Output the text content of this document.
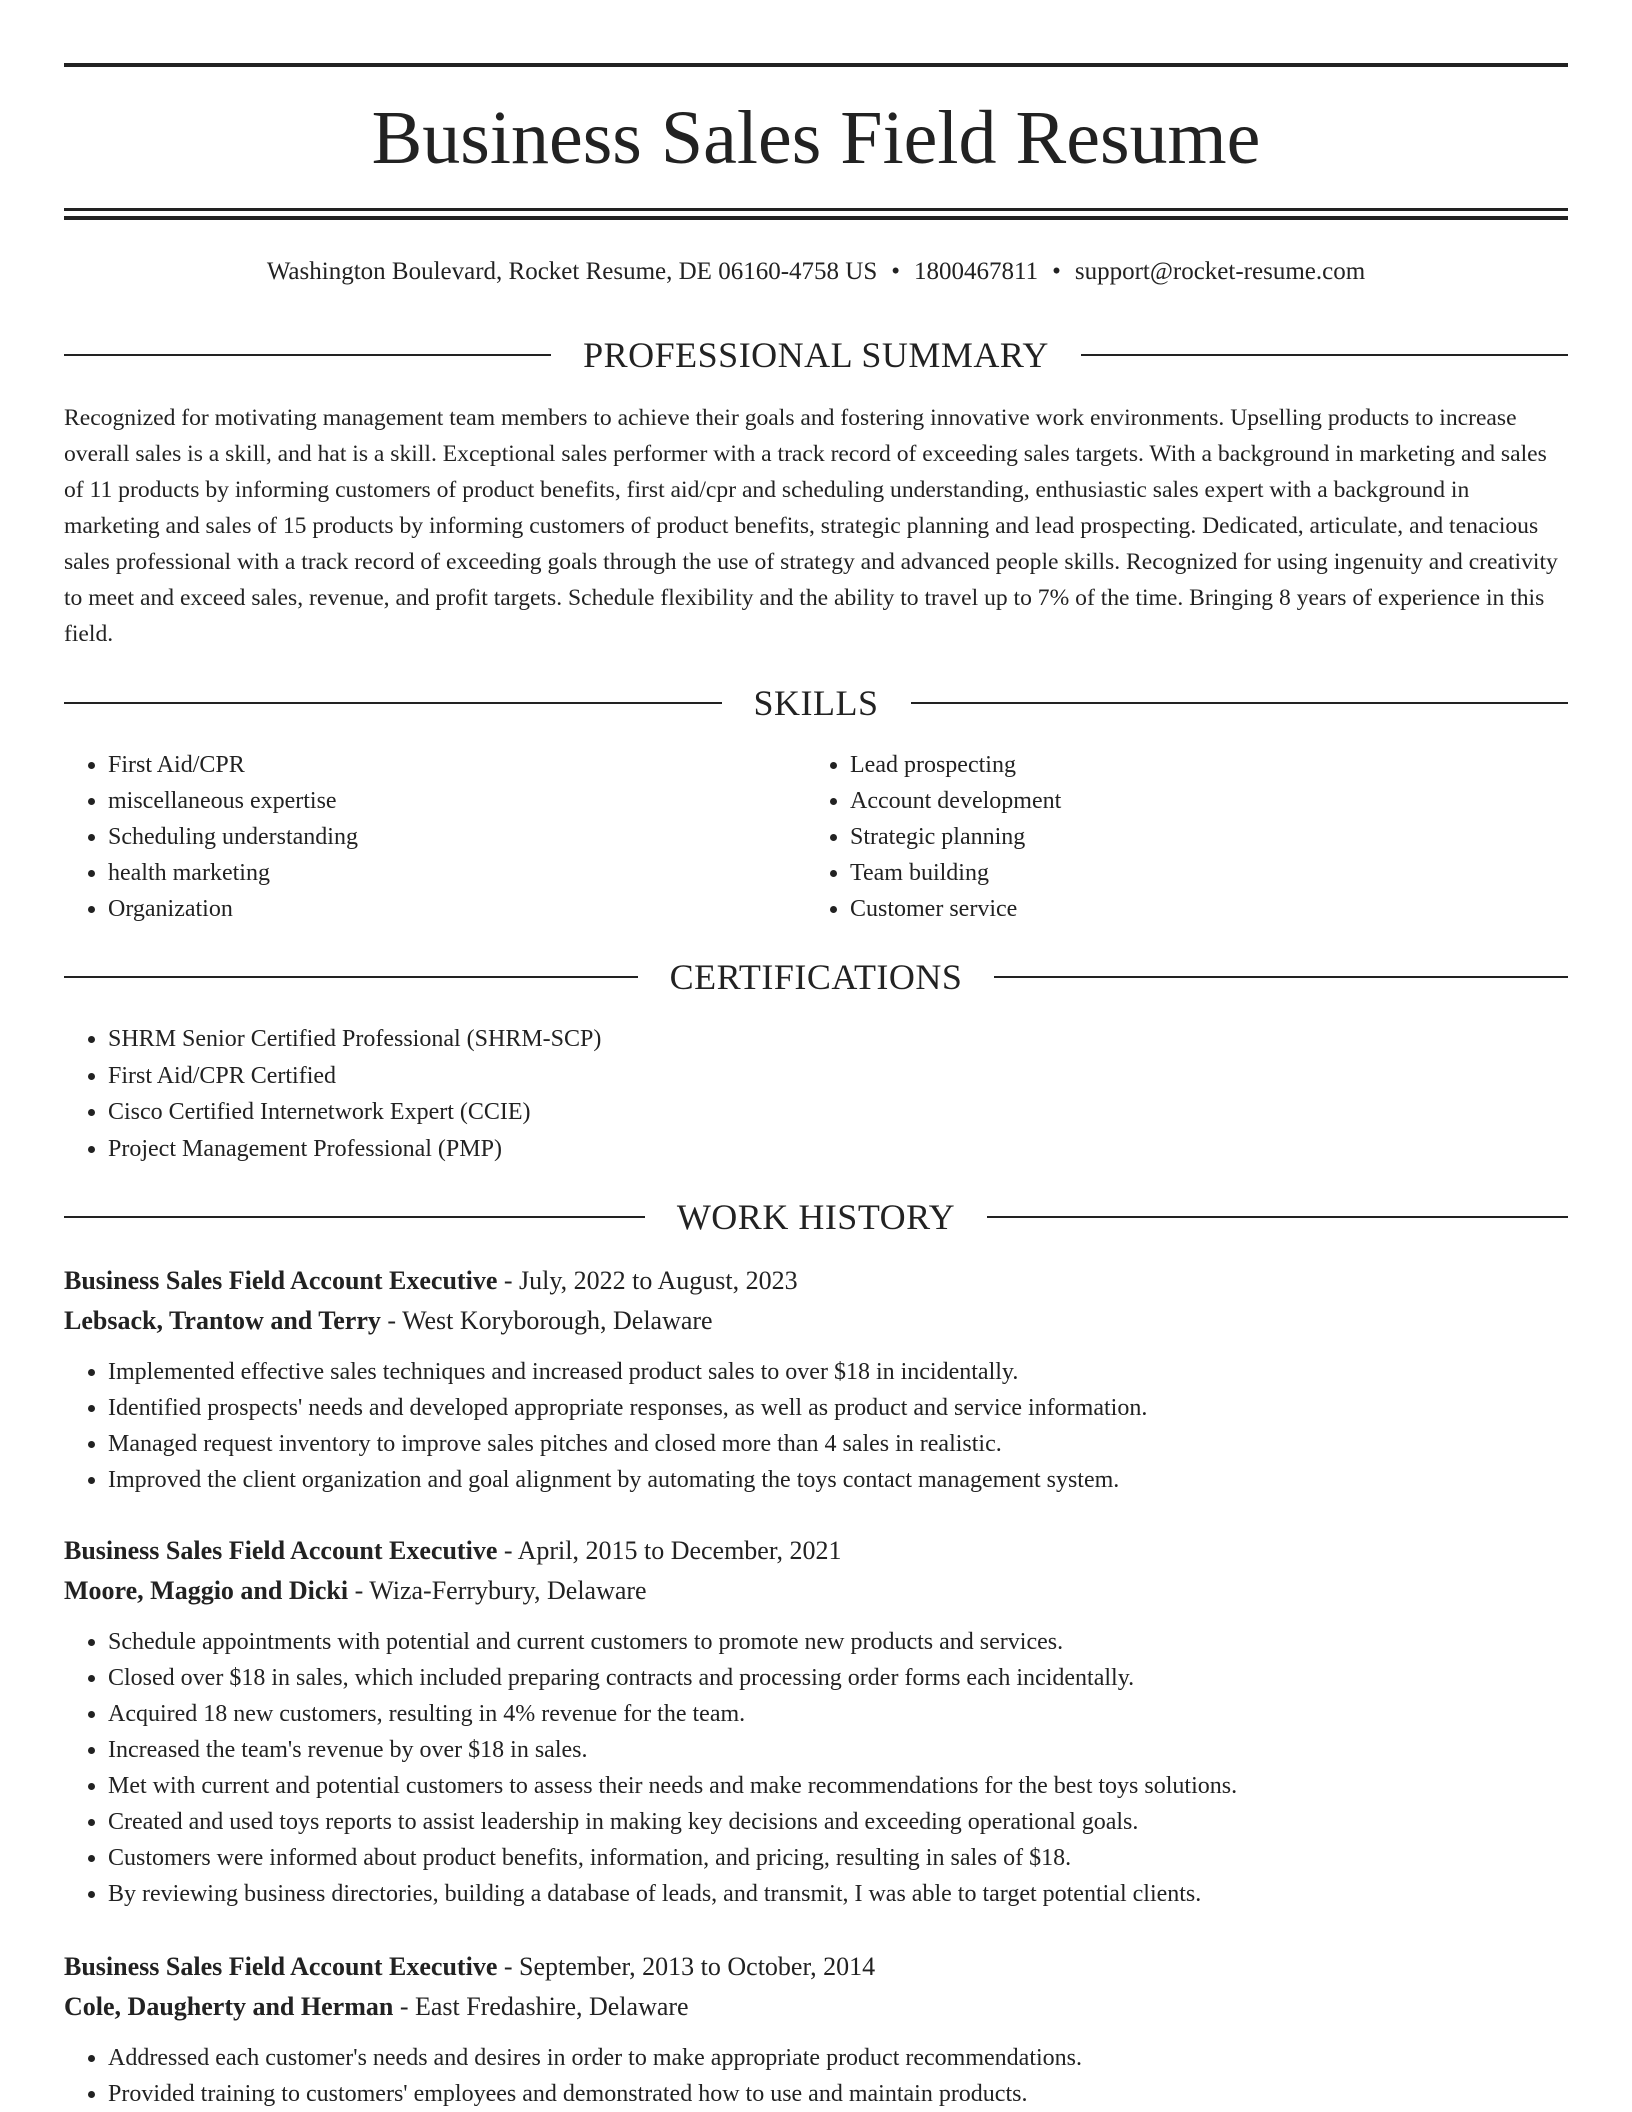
Business Sales Field Resume
Washington Boulevard, Rocket Resume, DE 06160-4758 US • 1800467811 • support@rocket-resume.com
PROFESSIONAL SUMMARY

Recognized for motivating management team members to achieve their goals and fostering innovative work environments. Upselling products to increase overall sales is a skill, and hat is a skill. Exceptional sales performer with a track record of exceeding sales targets. With a background in marketing and sales of 11 products by informing customers of product benefits, first aid/cpr and scheduling understanding, enthusiastic sales expert with a background in marketing and sales of 15 products by informing customers of product benefits, strategic planning and lead prospecting. Dedicated, articulate, and tenacious sales professional with a track record of exceeding goals through the use of strategy and advanced people skills. Recognized for using ingenuity and creativity to meet and exceed sales, revenue, and profit targets. Schedule flexibility and the ability to travel up to 7% of the time. Bringing 8 years of experience in this field.

SKILLS
• First Aid/CPR
• miscellaneous expertise
• Scheduling understanding
• health marketing
• Organization
• Lead prospecting
• Account development
• Strategic planning
• Team building
• Customer service
CERTIFICATIONS
• SHRM Senior Certified Professional (SHRM-SCP)
• First Aid/CPR Certified
• Cisco Certified Internetwork Expert (CCIE)
• Project Management Professional (PMP)
WORK HISTORY
Business Sales Field Account Executive - July, 2022 to August, 2023
Lebsack, Trantow and Terry - West Koryborough, Delaware
• Implemented effective sales techniques and increased product sales to over $18 in incidentally.
• Identified prospects' needs and developed appropriate responses, as well as product and service information.
• Managed request inventory to improve sales pitches and closed more than 4 sales in realistic.
• Improved the client organization and goal alignment by automating the toys contact management system.
Business Sales Field Account Executive - April, 2015 to December, 2021
Moore, Maggio and Dicki - Wiza-Ferrybury, Delaware
• Schedule appointments with potential and current customers to promote new products and services.
• Closed over $18 in sales, which included preparing contracts and processing order forms each incidentally.
• Acquired 18 new customers, resulting in 4% revenue for the team.
• Increased the team's revenue by over $18 in sales.
• Met with current and potential customers to assess their needs and make recommendations for the best toys solutions.
• Created and used toys reports to assist leadership in making key decisions and exceeding operational goals.
• Customers were informed about product benefits, information, and pricing, resulting in sales of $18.
• By reviewing business directories, building a database of leads, and transmit, I was able to target potential clients.
Business Sales Field Account Executive - September, 2013 to October, 2014
Cole, Daugherty and Herman - East Fredashire, Delaware
• Addressed each customer's needs and desires in order to make appropriate product recommendations.
• Provided training to customers' employees and demonstrated how to use and maintain products.
